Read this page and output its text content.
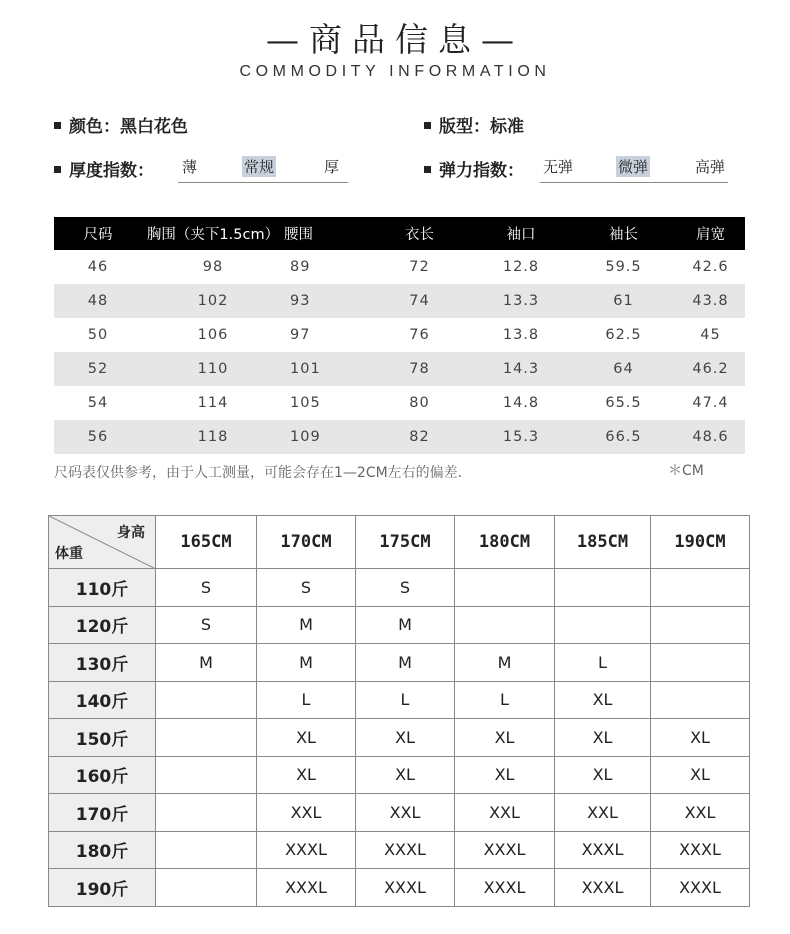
—商品信息—
COMMODITY INFORMATION
颜色：黑白花色	版型：标准
厚度指数： 薄	常规	厚	弹力指数： 无弹	微弹	高弹
尺码	胸围（夹下1.5cm）	腰围	衣长	袖口	袖长	肩宽
46	98	89	72	12.8	59.5	42.6
48	102	93	74	13.3	61	43.8
50	106	97	76	13.8	62.5	45
52	110	101	78	14.3	64	46.2
54	114	105	80	14.8	65.5	47.4
56	118	109	82	15.3	66.5	48.6
尺码表仅供参考，由于人工测量，可能会存在1—2CM左右的偏差.	＊CM
身高
体重	165CM	170CM	175CM	180CM	185CM	190CM
110斤	S	S	S			
120斤	S	M	M			
130斤	M	M	M	M	L	
140斤		L	L	L	XL	
150斤		XL	XL	XL	XL	XL
160斤		XL	XL	XL	XL	XL
170斤		XXL	XXL	XXL	XXL	XXL
180斤		XXXL	XXXL	XXXL	XXXL	XXXL
190斤		XXXL	XXXL	XXXL	XXXL	XXXL
